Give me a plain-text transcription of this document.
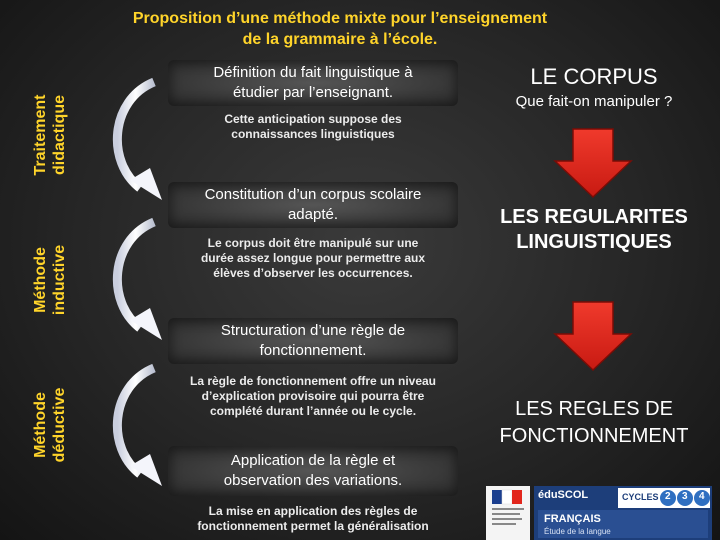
Proposition d’une méthode mixte pour l’enseignement
de la grammaire à l’école.
Traitement didactique
Méthode inductive
Méthode déductive
Définition du fait linguistique à
étudier par l’enseignant.
Cette anticipation suppose des
connaissances linguistiques
Constitution d’un corpus scolaire
adapté.
Le corpus doit être manipulé sur une
durée assez longue pour permettre aux
élèves d’observer les occurrences.
Structuration d’une règle de
fonctionnement.
La règle de fonctionnement offre un niveau
d’explication provisoire qui pourra être
complété durant l’année ou le cycle.
Application de la règle et
observation des variations.
La mise en application des règles de
fonctionnement permet la généralisation
LE CORPUS
Que fait-on manipuler ?
LES REGULARITES
LINGUISTIQUES
LES REGLES DE
FONCTIONNEMENT
éduSCOL	CYCLES 2 3 4
FRANÇAIS
Étude de la langue
